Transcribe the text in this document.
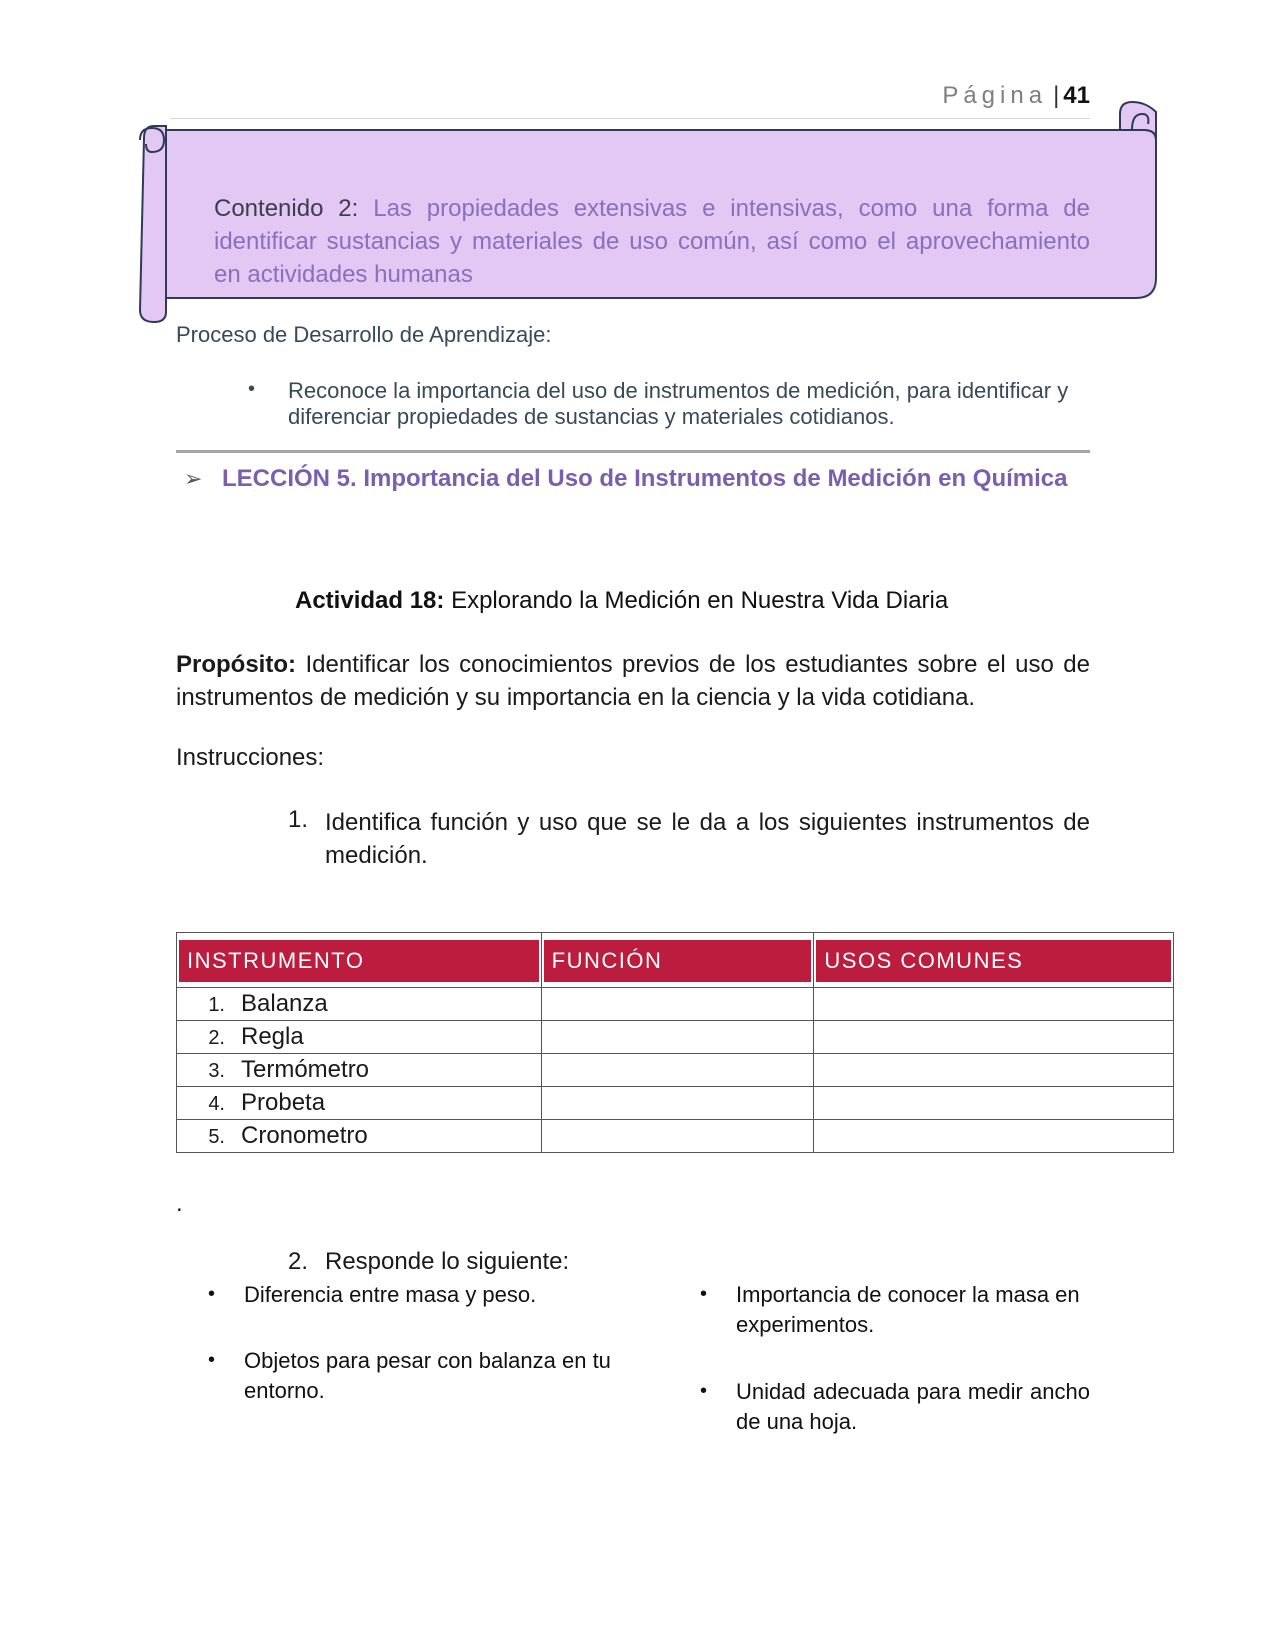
Página | 41
Contenido 2: Las propiedades extensivas e intensivas, como una forma de identificar sustancias y materiales de uso común, así como el aprovechamiento en actividades humanas
Proceso de Desarrollo de Aprendizaje:
• Reconoce la importancia del uso de instrumentos de medición, para identificar y diferenciar propiedades de sustancias y materiales cotidianos.
➢ LECCIÓN 5. Importancia del Uso de Instrumentos de Medición en Química
Actividad 18: Explorando la Medición en Nuestra Vida Diaria
Propósito: Identificar los conocimientos previos de los estudiantes sobre el uso de instrumentos de medición y su importancia en la ciencia y la vida cotidiana.
Instrucciones:
1. Identifica función y uso que se le da a los siguientes instrumentos de medición.
INSTRUMENTO	FUNCIÓN	USOS COMUNES

1. Balanza		
2. Regla		
3. Termómetro		
4. Probeta		
5. Cronometro		
.
2. Responde lo siguiente:
• Diferencia entre masa y peso.
• Objetos para pesar con balanza en tu entorno.
• Importancia de conocer la masa en experimentos.
• Unidad adecuada para medir ancho de una hoja.
